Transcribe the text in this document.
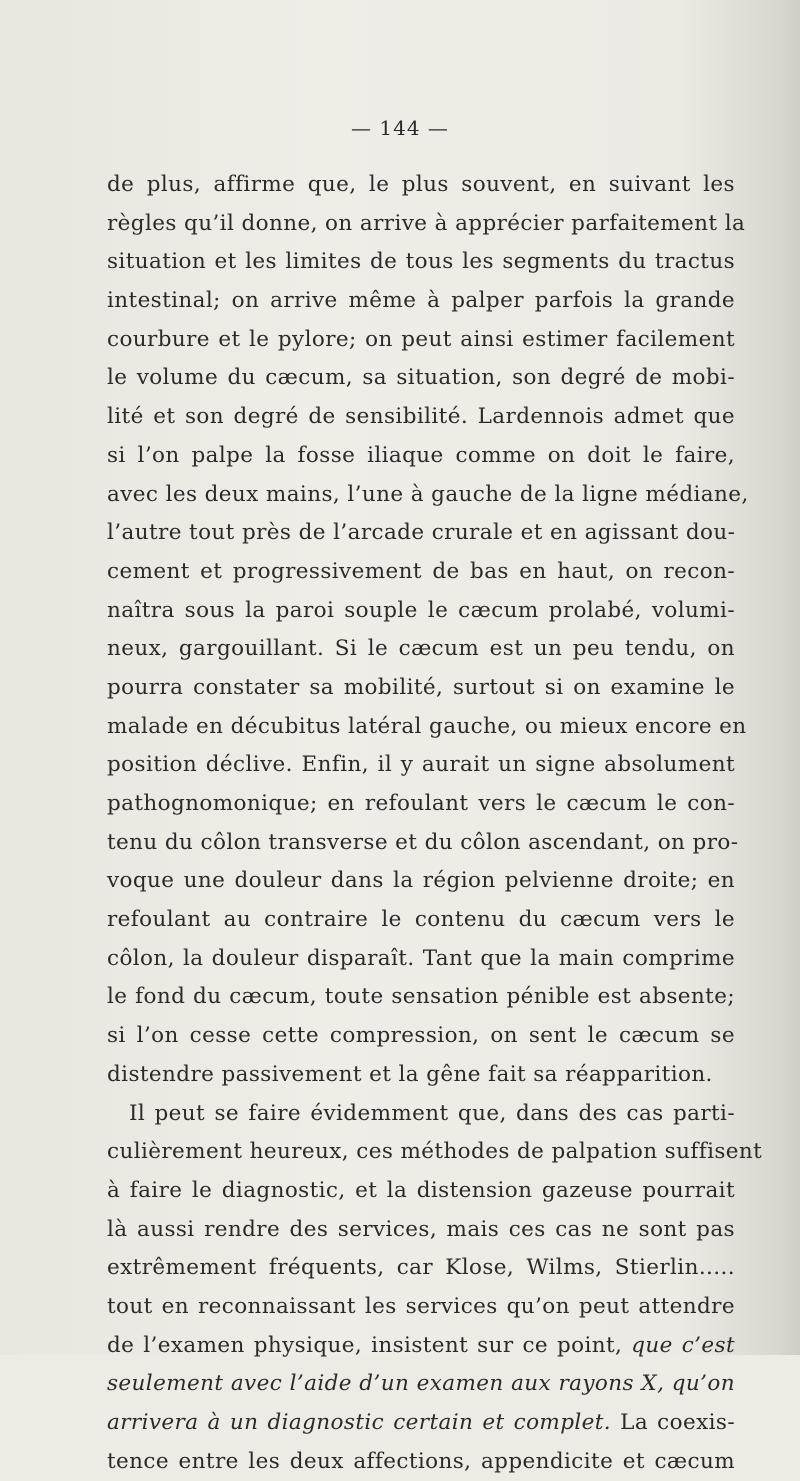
— 144 —
de plus, affirme que, le plus souvent, en suivant les
règles qu’il donne, on arrive à apprécier parfaitement la
situation et les limites de tous les segments du tractus
intestinal; on arrive même à palper parfois la grande
courbure et le pylore; on peut ainsi estimer facilement
le volume du cæcum, sa situation, son degré de mobi-
lité et son degré de sensibilité. Lardennois admet que
si l’on palpe la fosse iliaque comme on doit le faire,
avec les deux mains, l’une à gauche de la ligne médiane,
l’autre tout près de l’arcade crurale et en agissant dou-
cement et progressivement de bas en haut, on recon-
naîtra sous la paroi souple le cæcum prolabé, volumi-
neux, gargouillant. Si le cæcum est un peu tendu, on
pourra constater sa mobilité, surtout si on examine le
malade en décubitus latéral gauche, ou mieux encore en
position déclive. Enfin, il y aurait un signe absolument
pathognomonique; en refoulant vers le cæcum le con-
tenu du côlon transverse et du côlon ascendant, on pro-
voque une douleur dans la région pelvienne droite; en
refoulant au contraire le contenu du cæcum vers le
côlon, la douleur disparaît. Tant que la main comprime
le fond du cæcum, toute sensation pénible est absente;
si l’on cesse cette compression, on sent le cæcum se
distendre passivement et la gêne fait sa réapparition.
Il peut se faire évidemment que, dans des cas parti-
culièrement heureux, ces méthodes de palpation suffisent
à faire le diagnostic, et la distension gazeuse pourrait
là aussi rendre des services, mais ces cas ne sont pas
extrêmement fréquents, car Klose, Wilms, Stierlin.....
tout en reconnaissant les services qu’on peut attendre
de l’examen physique, insistent sur ce point, que c’est
seulement avec l’aide d’un examen aux rayons X, qu’on
arrivera à un diagnostic certain et complet. La coexis-
tence entre les deux affections, appendicite et cæcum
